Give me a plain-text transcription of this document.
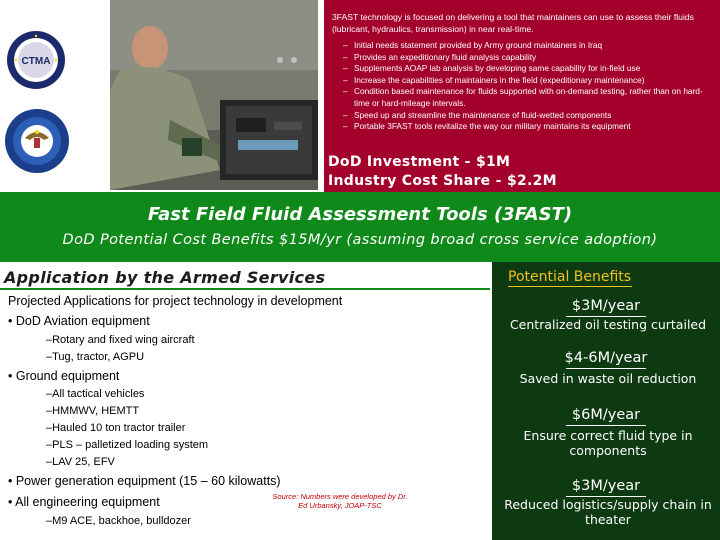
CTMA
3FAST technology is focused on delivering a tool that maintainers can use to assess their fluids (lubricant, hydraulics, transmission) in near real-time.
– Initial needs statement provided by Army ground maintainers in Iraq
– Provides an expeditionary fluid analysis capability
– Supplements AOAP lab analysis by developing same capability for in-field use
– Increase the capabilities of maintainers in the field (expeditionary maintenance)
– Condition based maintenance for fluids supported with on-demand testing, rather than on hard-time or hard-mileage intervals.
– Speed up and streamline the maintenance of fluid-wetted components
– Portable 3FAST tools revitalize the way our military maintains its equipment
DoD Investment - $1M
Industry Cost Share - $2.2M
Fast Field Fluid Assessment Tools (3FAST)
DoD Potential Cost Benefits $15M/yr (assuming broad cross service adoption)
Application by the Armed Services
Projected Applications for project technology in development
• DoD Aviation equipment
–Rotary and fixed wing aircraft
–Tug, tractor, AGPU
• Ground equipment
–All tactical vehicles
–HMMWV, HEMTT
–Hauled 10 ton tractor trailer
–PLS – palletized loading system
–LAV 25, EFV
• Power generation equipment (15 – 60 kilowatts)
• All engineering equipment
–M9 ACE, backhoe, bulldozer
Source: Numbers were developed by Dr. Ed Urbansky, JOAP-TSC
Potential Benefits
$3M/year
Centralized oil testing curtailed
$4-6M/year
Saved in waste oil reduction
$6M/year
Ensure correct fluid type in components
$3M/year
Reduced logistics/supply chain in theater
